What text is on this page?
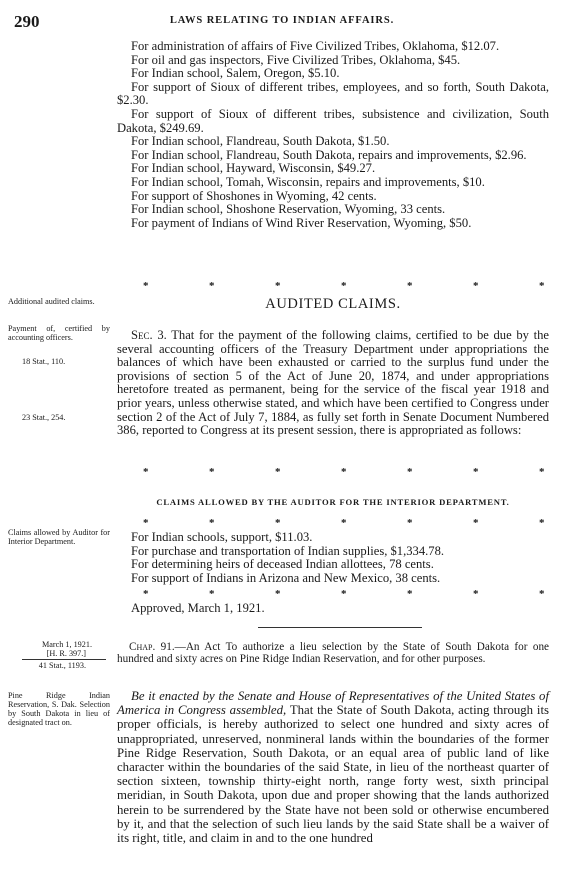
290	LAWS RELATING TO INDIAN AFFAIRS.

For administration of affairs of Five Civilized Tribes, Oklahoma, $12.07.

For oil and gas inspectors, Five Civilized Tribes, Oklahoma, $45.

For Indian school, Salem, Oregon, $5.10.

For support of Sioux of different tribes, employees, and so forth, South Dakota, $2.30.

For support of Sioux of different tribes, subsistence and civilization, South Dakota, $249.69.

For Indian school, Flandreau, South Dakota, $1.50.

For Indian school, Flandreau, South Dakota, repairs and improvements, $2.96.

For Indian school, Hayward, Wisconsin, $49.27.

For Indian school, Tomah, Wisconsin, repairs and improvements, $10.

For support of Shoshones in Wyoming, 42 cents.

For Indian school, Shoshone Reservation, Wyoming, 33 cents.

For payment of Indians of Wind River Reservation, Wyoming, $50.

*	*	*	*	*	*	*
Additional audited claims.	AUDITED CLAIMS.
Payment of, certified by accounting officers.
18 Stat., 110.
23 Stat., 254.

Sec. 3. That for the payment of the following claims, certified to be due by the several accounting officers of the Treasury Department under appropriations the balances of which have been exhausted or carried to the surplus fund under the provisions of section 5 of the Act of June 20, 1874, and under appropriations heretofore treated as permanent, being for the service of the fiscal year 1918 and prior years, unless otherwise stated, and which have been certified to Congress under section 2 of the Act of July 7, 1884, as fully set forth in Senate Document Numbered 386, reported to Congress at its present session, there is appropriated as follows:

*	*	*	*	*	*	*
CLAIMS ALLOWED BY THE AUDITOR FOR THE INTERIOR DEPARTMENT.
*	*	*	*	*	*	*
Claims allowed by Auditor for Interior Department.	For Indian schools, support, $11.03.

For purchase and transportation of Indian supplies, $1,334.78.

For determining heirs of deceased Indian allottees, 78 cents.

For support of Indians in Arizona and New Mexico, 38 cents.

*	*	*	*	*	*	*

Approved, March 1, 1921.

March 1, 1921.
[H. R. 397.]
41 Stat., 1193.

Chap. 91.—An Act To authorize a lieu selection by the State of South Dakota for one hundred and sixty acres on Pine Ridge Indian Reservation, and for other purposes.

Pine Ridge Indian Reservation, S. Dak. Selection by South Dakota in lieu of designated tract on.

Be it enacted by the Senate and House of Representatives of the United States of America in Congress assembled, That the State of South Dakota, acting through its proper officials, is hereby authorized to select one hundred and sixty acres of unappropriated, unreserved, nonmineral lands within the boundaries of the former Pine Ridge Reservation, South Dakota, or an equal area of public land of like character within the boundaries of the said State, in lieu of the northeast quarter of section sixteen, township thirty-eight north, range forty west, sixth principal meridian, in South Dakota, upon due and proper showing that the lands authorized herein to be surrendered by the State have not been sold or otherwise encumbered by it, and that the selection of such lieu lands by the said State shall be a waiver of its right, title, and claim in and to the one hundred
